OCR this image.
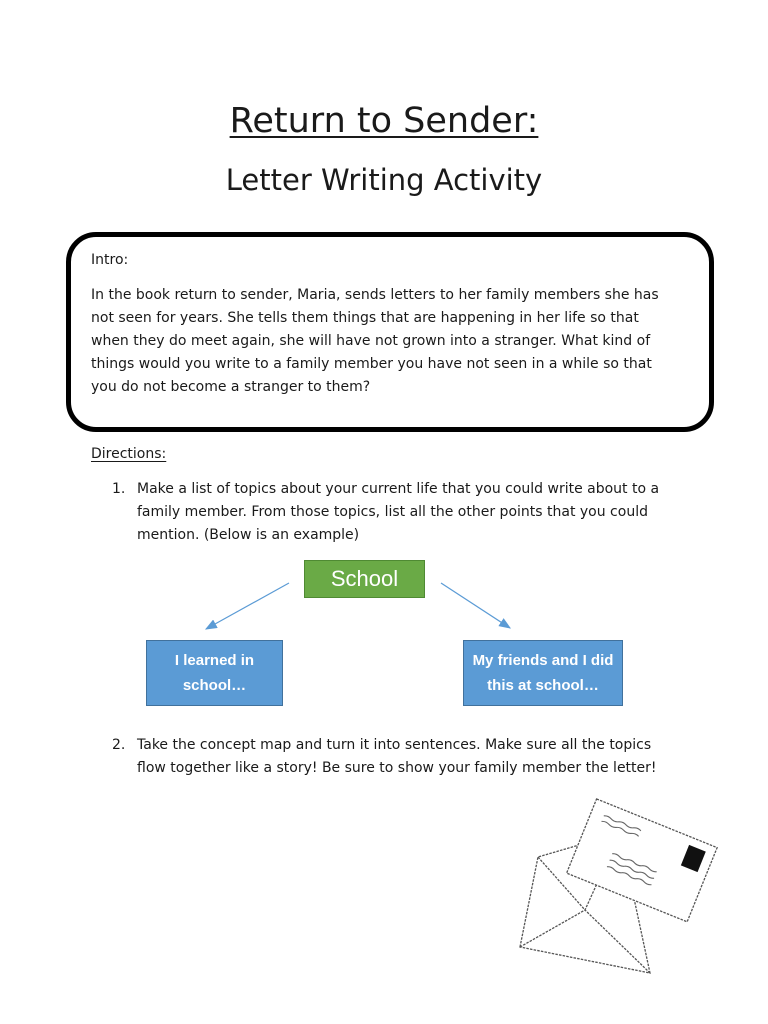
Return to Sender:
Letter Writing Activity
Intro:
In the book return to sender, Maria, sends letters to her family members she has not seen for years. She tells them things that are happening in her life so that when they do meet again, she will have not grown into a stranger. What kind of things would you write to a family member you have not seen in a while so that you do not become a stranger to them?
Directions:
1. Make a list of topics about your current life that you could write about to a family member. From those topics, list all the other points that you could mention. (Below is an example)
School
I learned in school…
My friends and I did this at school…
2. Take the concept map and turn it into sentences. Make sure all the topics flow together like a story! Be sure to show your family member the letter!
